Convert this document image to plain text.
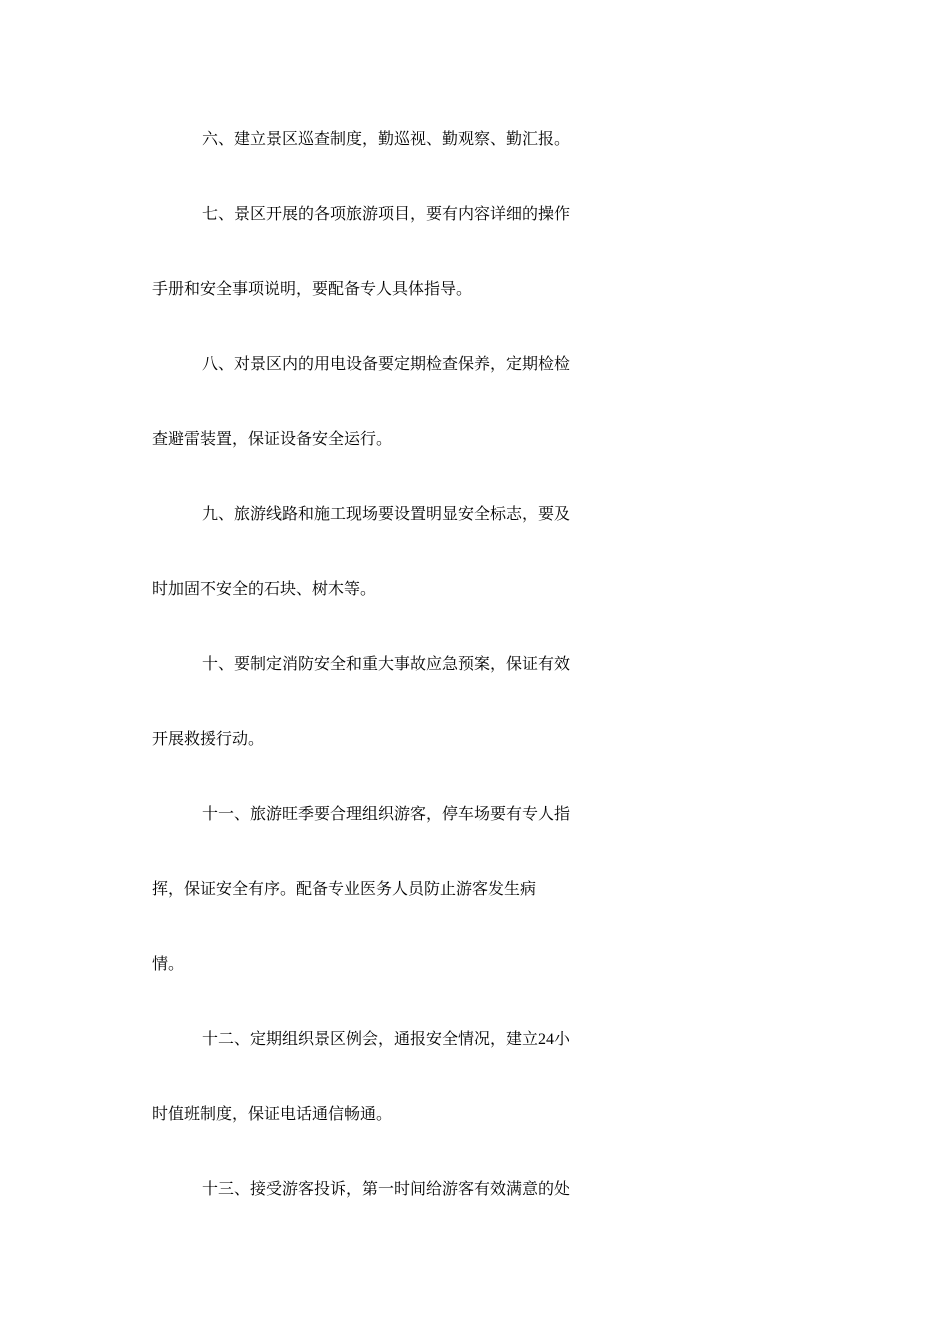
六、建立景区巡查制度，勤巡视、勤观察、勤汇报。
七、景区开展的各项旅游项目，要有内容详细的操作
手册和安全事项说明，要配备专人具体指导。
八、对景区内的用电设备要定期检查保养，定期检检
查避雷装置，保证设备安全运行。
九、旅游线路和施工现场要设置明显安全标志，要及
时加固不安全的石块、树木等。
十、要制定消防安全和重大事故应急预案，保证有效
开展救援行动。
十一、旅游旺季要合理组织游客，停车场要有专人指
挥，保证安全有序。配备专业医务人员防止游客发生病
情。
十二、定期组织景区例会，通报安全情况，建立24小
时值班制度，保证电话通信畅通。
十三、接受游客投诉，第一时间给游客有效满意的处
